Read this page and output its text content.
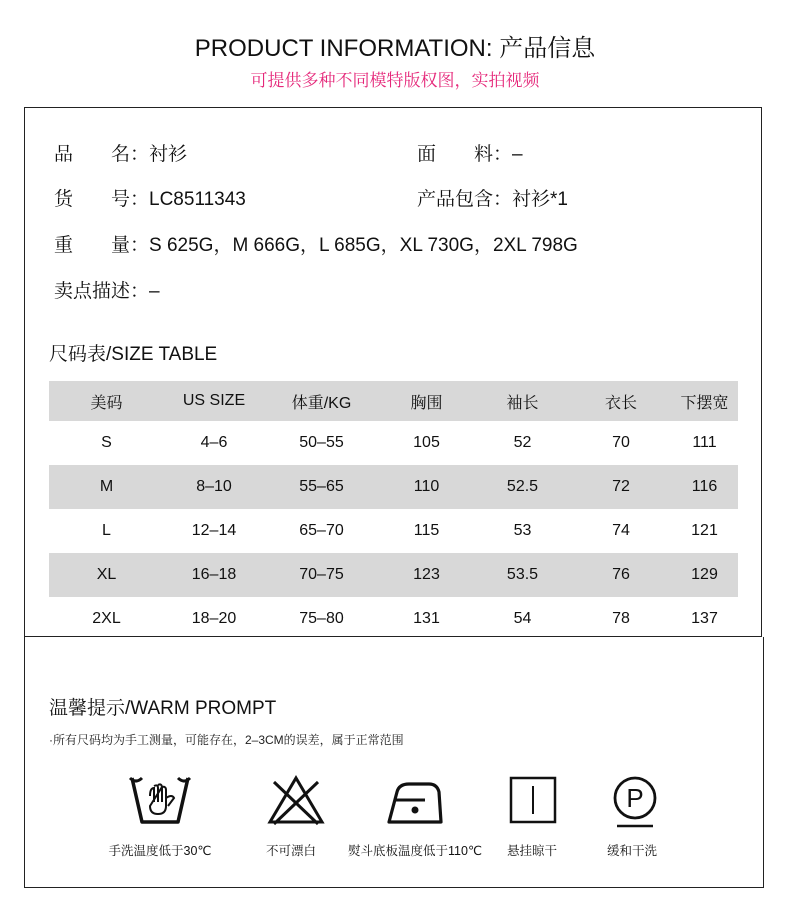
PRODUCT INFORMATION: 产品信息
可提供多种不同模特版权图，实拍视频
品　　名：衬衫	面　　料：–
货　　号：LC8511343	产品包含：衬衫*1
重　　量：S 625G，M 666G，L 685G，XL 730G，2XL 798G
卖点描述：–
尺码表/SIZE TABLE
美码	US SIZE	体重/KG	胸围	袖长	衣长	下摆宽
S	4–6	50–55	105	52	70	111
M	8–10	55–65	110	52.5	72	116
L	12–14	65–70	115	53	74	121
XL	16–18	70–75	123	53.5	76	129
2XL	18–20	75–80	131	54	78	137
温馨提示/WARM PROMPT
·所有尺码均为手工测量，可能存在，2–3CM的误差，属于正常范围
P
手洗温度低于30℃	不可漂白	熨斗底板温度低于110℃ 悬挂晾干	缓和干洗
